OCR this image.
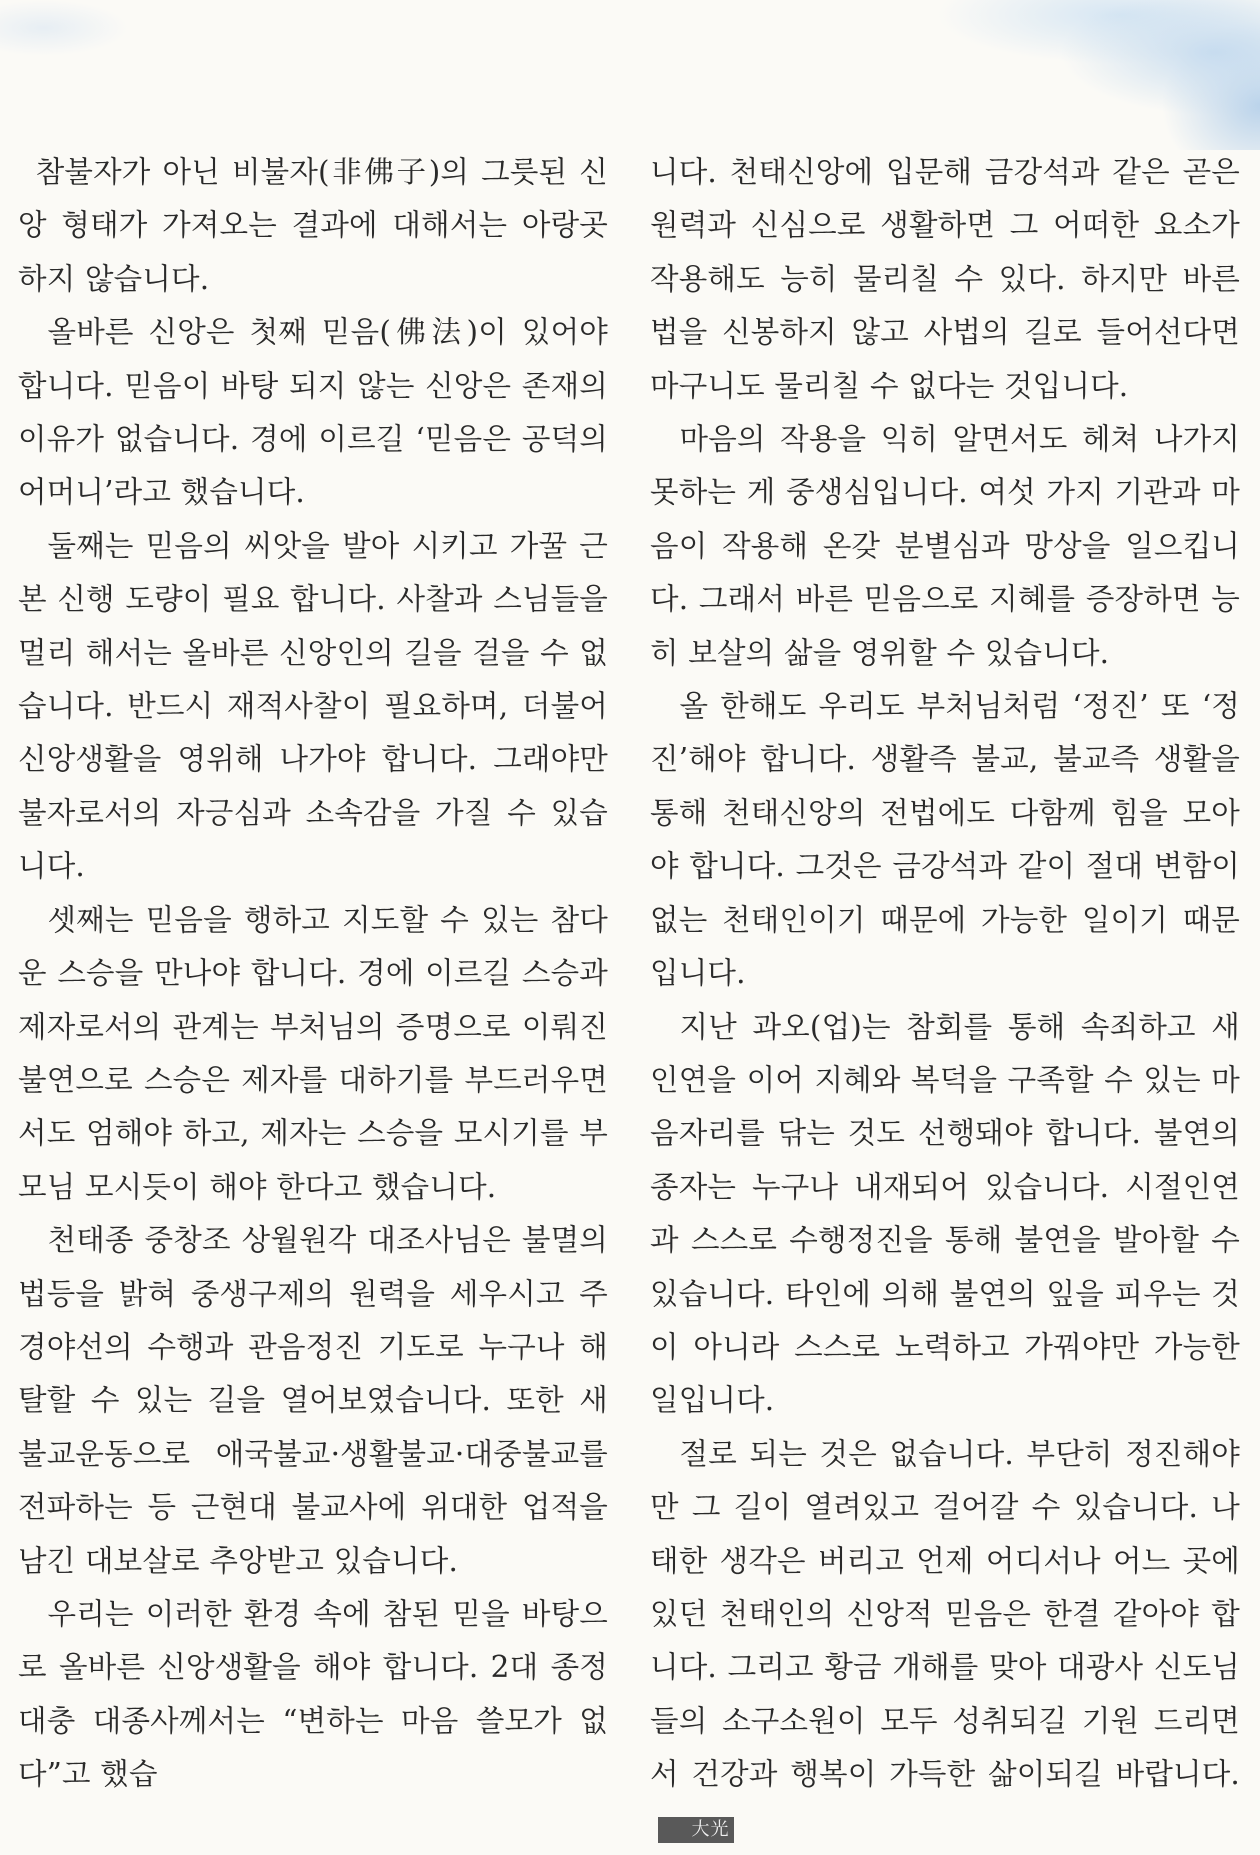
참불자가 아닌 비불자(非佛子)의 그릇된 신앙 형태가 가져오는 결과에 대해서는 아랑곳 하지 않습니다.

올바른 신앙은 첫째 믿음(佛法)이 있어야 합니다. 믿음이 바탕 되지 않는 신앙은 존재의 이유가 없습니다. 경에 이르길 ‘믿음은 공덕의 어머니’라고 했습니다.

둘째는 믿음의 씨앗을 발아 시키고 가꿀 근본 신행 도량이 필요 합니다. 사찰과 스님들을 멀리 해서는 올바른 신앙인의 길을 걸을 수 없습니다. 반드시 재적사찰이 필요하며, 더불어 신앙생활을 영위해 나가야 합니다. 그래야만 불자로서의 자긍심과 소속감을 가질 수 있습니다.

셋째는 믿음을 행하고 지도할 수 있는 참다운 스승을 만나야 합니다. 경에 이르길 스승과 제자로서의 관계는 부처님의 증명으로 이뤄진 불연으로 스승은 제자를 대하기를 부드러우면서도 엄해야 하고, 제자는 스승을 모시기를 부모님 모시듯이 해야 한다고 했습니다.

천태종 중창조 상월원각 대조사님은 불멸의 법등을 밝혀 중생구제의 원력을 세우시고 주경야선의 수행과 관음정진 기도로 누구나 해탈할 수 있는 길을 열어보였습니다. 또한 새 불교운동으로 애국불교·생활불교·대중불교를 전파하는 등 근현대 불교사에 위대한 업적을 남긴 대보살로 추앙받고 있습니다.

우리는 이러한 환경 속에 참된 믿을 바탕으로 올바른 신앙생활을 해야 합니다. 2대 종정 대충 대종사께서는 “변하는 마음 쓸모가 없다”고 했습

니다. 천태신앙에 입문해 금강석과 같은 곧은 원력과 신심으로 생활하면 그 어떠한 요소가 작용해도 능히 물리칠 수 있다. 하지만 바른 법을 신봉하지 않고 사법의 길로 들어선다면 마구니도 물리칠 수 없다는 것입니다.

마음의 작용을 익히 알면서도 헤쳐 나가지 못하는 게 중생심입니다. 여섯 가지 기관과 마음이 작용해 온갖 분별심과 망상을 일으킵니다. 그래서 바른 믿음으로 지혜를 증장하면 능히 보살의 삶을 영위할 수 있습니다.

올 한해도 우리도 부처님처럼 ‘정진’ 또 ‘정진’해야 합니다. 생활즉 불교, 불교즉 생활을 통해 천태신앙의 전법에도 다함께 힘을 모아야 합니다. 그것은 금강석과 같이 절대 변함이 없는 천태인이기 때문에 가능한 일이기 때문입니다.

지난 과오(업)는 참회를 통해 속죄하고 새 인연을 이어 지혜와 복덕을 구족할 수 있는 마음자리를 닦는 것도 선행돼야 합니다. 불연의 종자는 누구나 내재되어 있습니다. 시절인연과 스스로 수행정진을 통해 불연을 발아할 수 있습니다. 타인에 의해 불연의 잎을 피우는 것이 아니라 스스로 노력하고 가꿔야만 가능한 일입니다.

절로 되는 것은 없습니다. 부단히 정진해야만 그 길이 열려있고 걸어갈 수 있습니다. 나태한 생각은 버리고 언제 어디서나 어느 곳에 있던 천태인의 신앙적 믿음은 한결 같아야 합니다. 그리고 황금 개해를 맞아 대광사 신도님들의 소구소원이 모두 성취되길 기원 드리면서 건강과 행복이 가득한 삶이되길 바랍니다.大光
